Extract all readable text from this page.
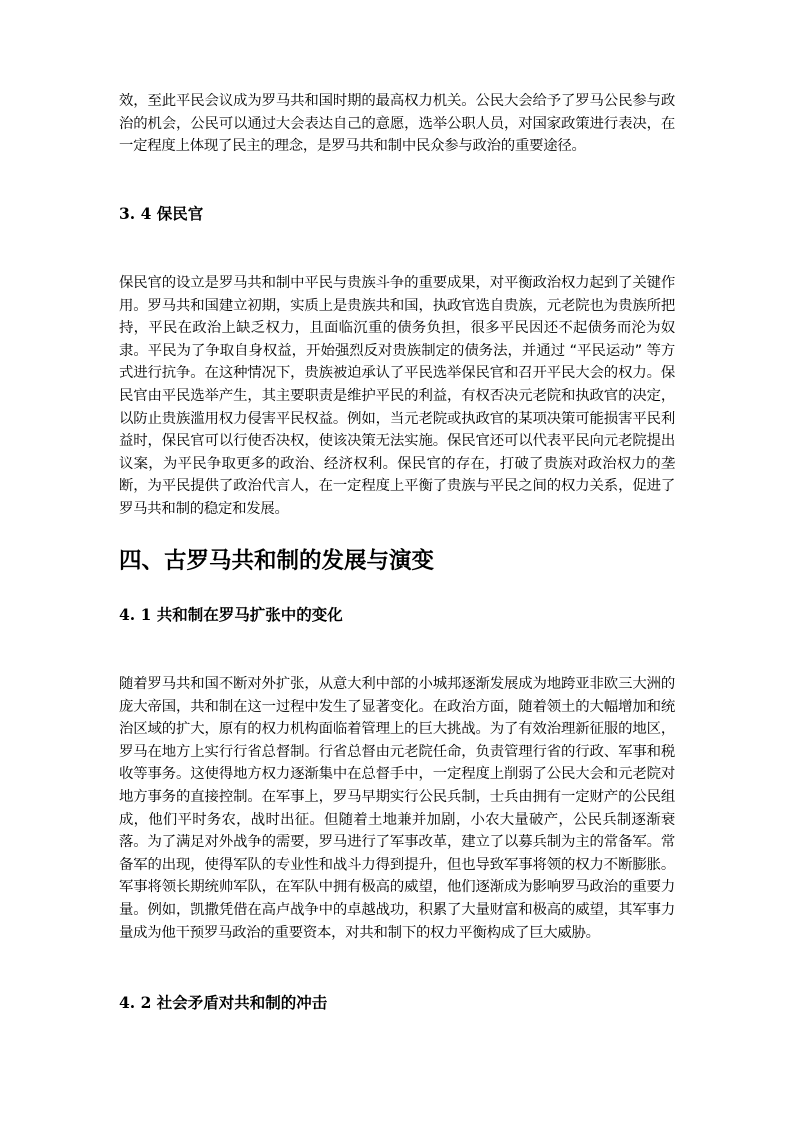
效，至此平民会议成为罗马共和国时期的最高权力机关。公民大会给予了罗马公民参与政治的机会，公民可以通过大会表达自己的意愿，选举公职人员，对国家政策进行表决，在一定程度上体现了民主的理念，是罗马共和制中民众参与政治的重要途径。

3. 4 保民官

保民官的设立是罗马共和制中平民与贵族斗争的重要成果，对平衡政治权力起到了关键作用。罗马共和国建立初期，实质上是贵族共和国，执政官选自贵族，元老院也为贵族所把持，平民在政治上缺乏权力，且面临沉重的债务负担，很多平民因还不起债务而沦为奴隶。平民为了争取自身权益，开始强烈反对贵族制定的债务法，并通过 “平民运动” 等方式进行抗争。在这种情况下，贵族被迫承认了平民选举保民官和召开平民大会的权力。保民官由平民选举产生，其主要职责是维护平民的利益，有权否决元老院和执政官的决定，以防止贵族滥用权力侵害平民权益。例如，当元老院或执政官的某项决策可能损害平民利益时，保民官可以行使否决权，使该决策无法实施。保民官还可以代表平民向元老院提出议案，为平民争取更多的政治、经济权利。保民官的存在，打破了贵族对政治权力的垄断，为平民提供了政治代言人，在一定程度上平衡了贵族与平民之间的权力关系，促进了罗马共和制的稳定和发展。

四、古罗马共和制的发展与演变

4. 1 共和制在罗马扩张中的变化

随着罗马共和国不断对外扩张，从意大利中部的小城邦逐渐发展成为地跨亚非欧三大洲的庞大帝国，共和制在这一过程中发生了显著变化。在政治方面，随着领土的大幅增加和统治区域的扩大，原有的权力机构面临着管理上的巨大挑战。为了有效治理新征服的地区，罗马在地方上实行行省总督制。行省总督由元老院任命，负责管理行省的行政、军事和税收等事务。这使得地方权力逐渐集中在总督手中，一定程度上削弱了公民大会和元老院对地方事务的直接控制。在军事上，罗马早期实行公民兵制，士兵由拥有一定财产的公民组成，他们平时务农，战时出征。但随着土地兼并加剧，小农大量破产，公民兵制逐渐衰落。为了满足对外战争的需要，罗马进行了军事改革，建立了以募兵制为主的常备军。常备军的出现，使得军队的专业性和战斗力得到提升，但也导致军事将领的权力不断膨胀。军事将领长期统帅军队，在军队中拥有极高的威望，他们逐渐成为影响罗马政治的重要力量。例如，凯撒凭借在高卢战争中的卓越战功，积累了大量财富和极高的威望，其军事力量成为他干预罗马政治的重要资本，对共和制下的权力平衡构成了巨大威胁。

4. 2 社会矛盾对共和制的冲击
